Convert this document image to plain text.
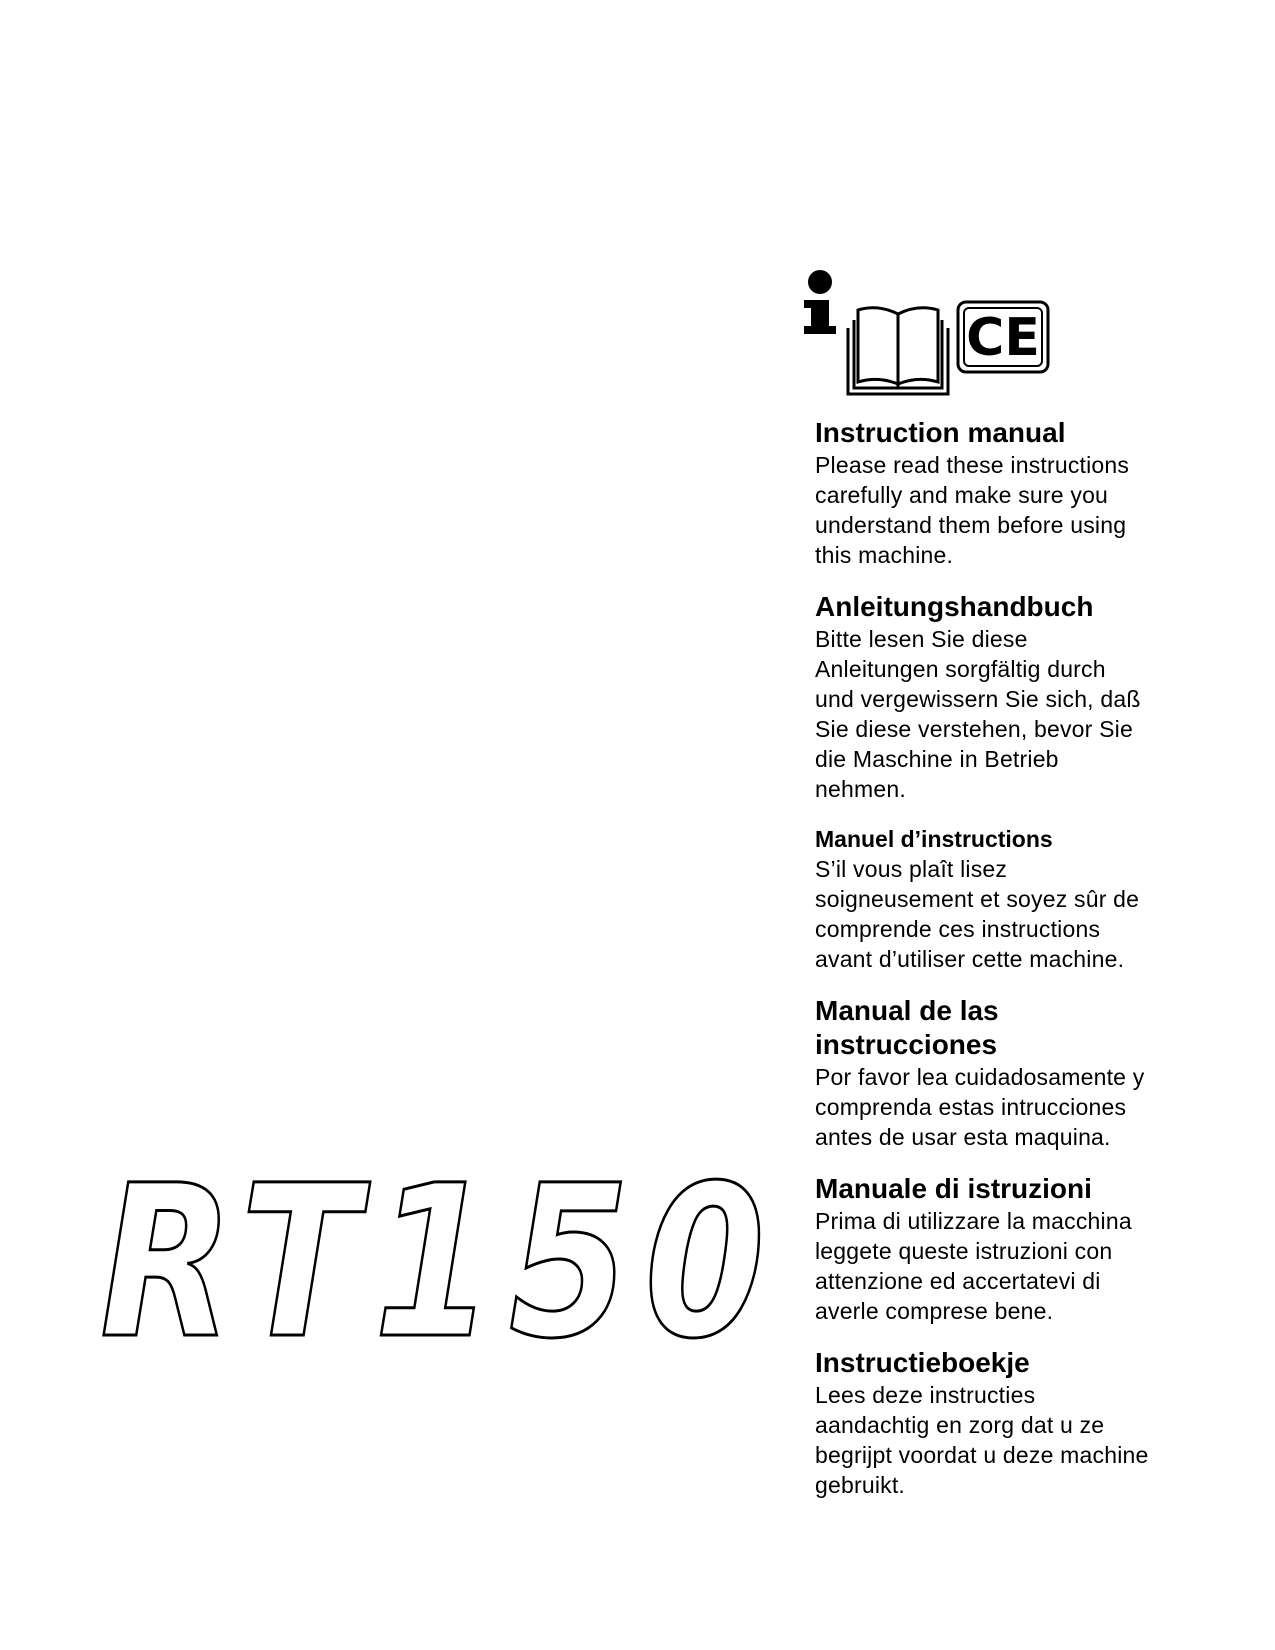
CE
RT150
Instruction manual

Please read these instructions
carefully and make sure you
understand them before using
this machine.

Anleitungshandbuch

Bitte lesen Sie diese
Anleitungen sorgfältig durch
und vergewissern Sie sich, daß
Sie diese verstehen, bevor Sie
die Maschine in Betrieb
nehmen.

Manuel d’instructions

S’il vous plaît lisez
soigneusement et soyez sûr de
comprende ces instructions
avant d’utiliser cette machine.

Manual de las
instrucciones

Por favor lea cuidadosamente y
comprenda estas intrucciones
antes de usar esta maquina.

Manuale di istruzioni

Prima di utilizzare la macchina
leggete queste istruzioni con
attenzione ed accertatevi di
averle comprese bene.

Instructieboekje

Lees deze instructies
aandachtig en zorg dat u ze
begrijpt voordat u deze machine
gebruikt.
